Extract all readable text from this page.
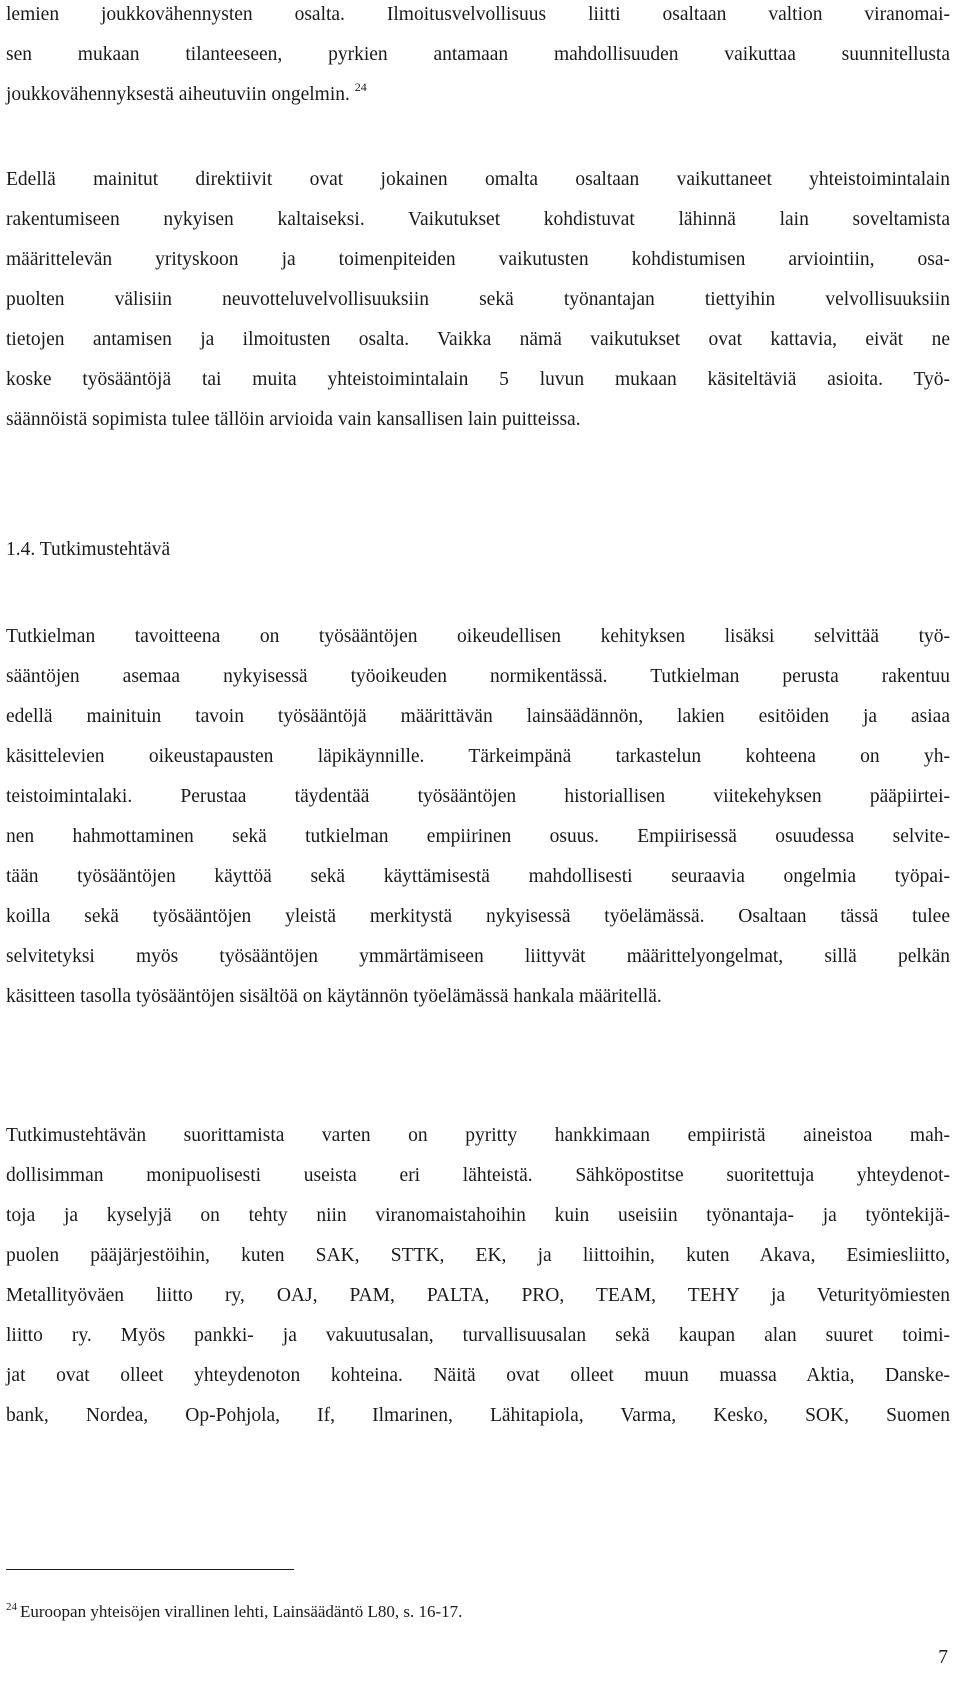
lemien joukkovähennysten osalta. Ilmoitusvelvollisuus liitti osaltaan valtion viranomai-
sen mukaan tilanteeseen, pyrkien antamaan mahdollisuuden vaikuttaa suunnitellusta
joukkovähennyksestä aiheutuviin ongelmin. $^{24}$
Edellä mainitut direktiivit ovat jokainen omalta osaltaan vaikuttaneet yhteistoimintalain
rakentumiseen nykyisen kaltaiseksi. Vaikutukset kohdistuvat lähinnä lain soveltamista
määrittelevän yrityskoon ja toimenpiteiden vaikutusten kohdistumisen arviointiin, osa-
puolten välisiin neuvotteluvelvollisuuksiin sekä työnantajan tiettyihin velvollisuuksiin
tietojen antamisen ja ilmoitusten osalta. Vaikka nämä vaikutukset ovat kattavia, eivät ne
koske työsääntöjä tai muita yhteistoimintalain 5 luvun mukaan käsiteltäviä asioita. Työ-
säännöistä sopimista tulee tällöin arvioida vain kansallisen lain puitteissa.
1.4. Tutkimustehtävä
Tutkielman tavoitteena on työsääntöjen oikeudellisen kehityksen lisäksi selvittää työ-
sääntöjen asemaa nykyisessä työoikeuden normikentässä. Tutkielman perusta rakentuu
edellä mainituin tavoin työsääntöjä määrittävän lainsäädännön, lakien esitöiden ja asiaa
käsittelevien oikeustapausten läpikäynnille. Tärkeimpänä tarkastelun kohteena on yh-
teistoimintalaki. Perustaa täydentää työsääntöjen historiallisen viitekehyksen pääpiirtei-
nen hahmottaminen sekä tutkielman empiirinen osuus. Empiirisessä osuudessa selvite-
tään työsääntöjen käyttöä sekä käyttämisestä mahdollisesti seuraavia ongelmia työpai-
koilla sekä työsääntöjen yleistä merkitystä nykyisessä työelämässä. Osaltaan tässä tulee
selvitetyksi myös työsääntöjen ymmärtämiseen liittyvät määrittelyongelmat, sillä pelkän
käsitteen tasolla työsääntöjen sisältöä on käytännön työelämässä hankala määritellä.
Tutkimustehtävän suorittamista varten on pyritty hankkimaan empiiristä aineistoa mah-
dollisimman monipuolisesti useista eri lähteistä. Sähköpostitse suoritettuja yhteydenot-
toja ja kyselyjä on tehty niin viranomaistahoihin kuin useisiin työnantaja- ja työntekijä-
puolen pääjärjestöihin, kuten SAK, STTK, EK, ja liittoihin, kuten Akava, Esimiesliitto,
Metallityöväen liitto ry, OAJ, PAM, PALTA, PRO, TEAM, TEHY ja Veturityömiesten
liitto ry. Myös pankki- ja vakuutusalan, turvallisuusalan sekä kaupan alan suuret toimi-
jat ovat olleet yhteydenoton kohteina. Näitä ovat olleet muun muassa Aktia, Danske-
bank, Nordea, Op-Pohjola, If, Ilmarinen, Lähitapiola, Varma, Kesko, SOK, Suomen
$^{24}$ Euroopan yhteisöjen virallinen lehti, Lainsäädäntö L80, s. 16-17.
7
